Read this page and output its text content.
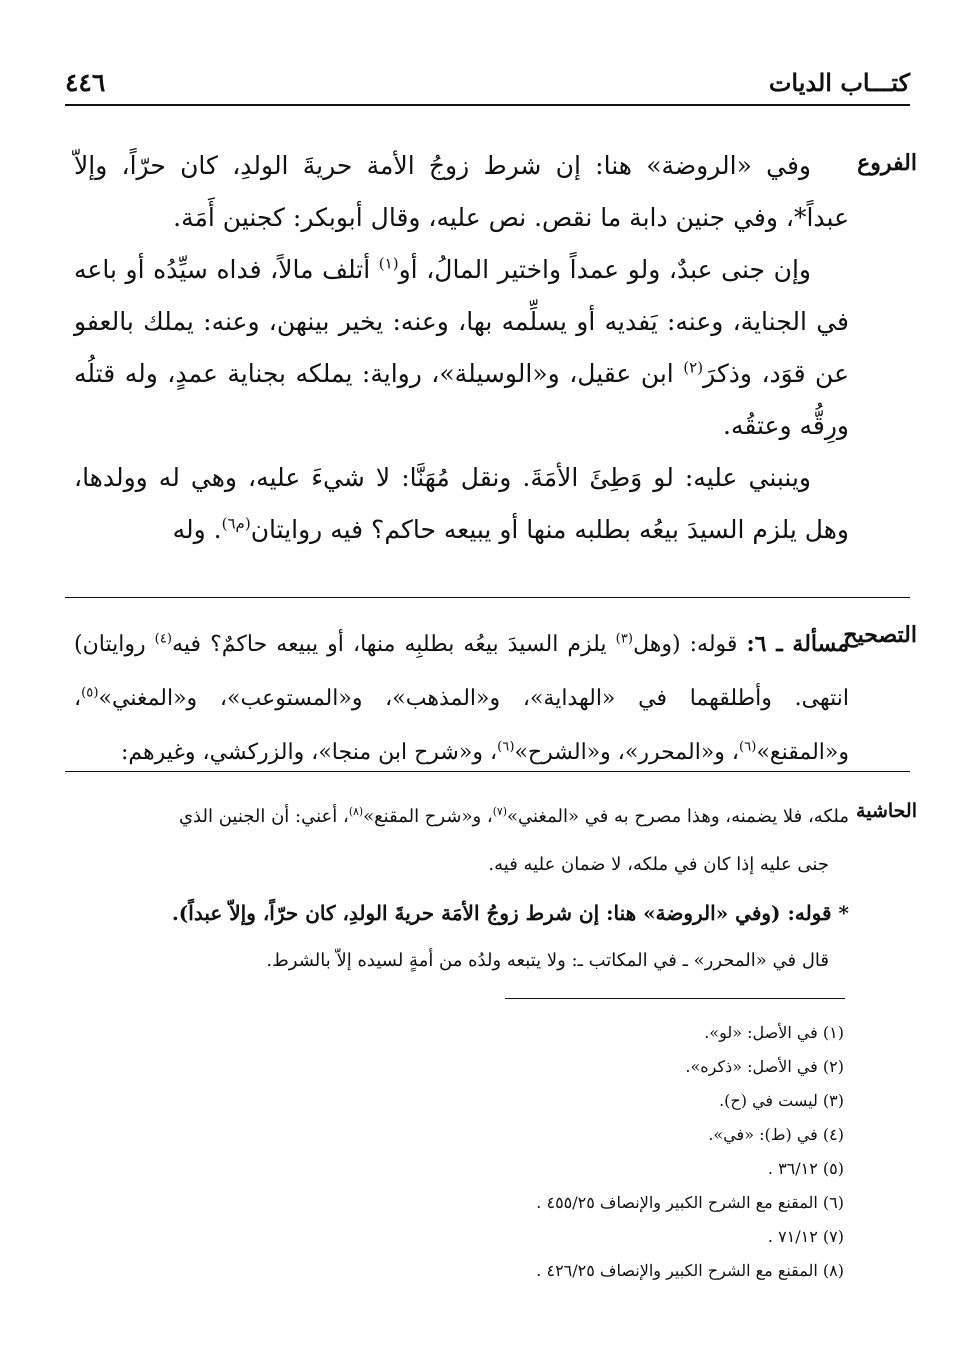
كتـــاب الديات
٤٤٦
الفروع
التصحيح
الحاشية

وفي «الروضة» هنا: إن شرط زوجُ الأمة حريةَ الولدِ، كان حرّاً، وإلاّ عبداً*، وفي جنين دابة ما نقص. نص عليه، وقال أبوبكر: كجنين أَمَة.

وإن جنى عبدٌ، ولو عمداً واختير المالُ، أو$^{(١)}$ أتلف مالاً، فداه سيِّدُه أو باعه في الجناية، وعنه: يَفديه أو يسلِّمه بها، وعنه: يخير بينهن، وعنه: يملك بالعفو عن قوَد، وذكرَ$^{(٢)}$ ابن عقيل، و«الوسيلة»، رواية: يملكه بجناية عمدٍ، وله قتلُه ورِقُّه وعتقُه.

وينبني عليه: لو وَطِئَ الأمَةَ. ونقل مُهَنَّا: لا شيءَ عليه، وهي له وولدها، وهل يلزم السيدَ بيعُه بطلبه منها أو يبيعه حاكم؟ فيه روايتان$^{(م٦)}$. وله

مسألة ـ ٦: قوله: (وهل$^{(٣)}$ يلزم السيدَ بيعُه بطلبِه منها، أو يبيعه حاكمٌ؟ فيه$^{(٤)}$ روايتان) انتهى. وأطلقهما في «الهداية»، و«المذهب»، و«المستوعب»، و«المغني»$^{(٥)}$، و«المقنع»$^{(٦)}$، و«المحرر»، و«الشرح»$^{(٦)}$، و«شرح ابن منجا»، والزركشي، وغيرهم:

ملكه، فلا يضمنه، وهذا مصرح به في «المغني»$^{(٧)}$، و«شرح المقنع»$^{(٨)}$، أعني: أن الجنين الذي

جنى عليه إذا كان في ملكه، لا ضمان عليه فيه.

* قوله: (وفي «الروضة» هنا: إن شرط زوجُ الأمَة حريةَ الولدِ، كان حرّاً، وإلاّ عبداً).

قال في «المحرر» ـ في المكاتب ـ: ولا يتبعه ولدُه من أمةٍ لسيده إلاّ بالشرط.

(١) في الأصل: «لو».
(٢) في الأصل: «ذكره».
(٣) ليست في (ح).
(٤) في (ط): «في».
(٥) ٣٦/١٢ .
(٦) المقنع مع الشرح الكبير والإنصاف ٤٥٥/٢٥ .
(٧) ٧١/١٢ .
(٨) المقنع مع الشرح الكبير والإنصاف ٤٢٦/٢٥ .
